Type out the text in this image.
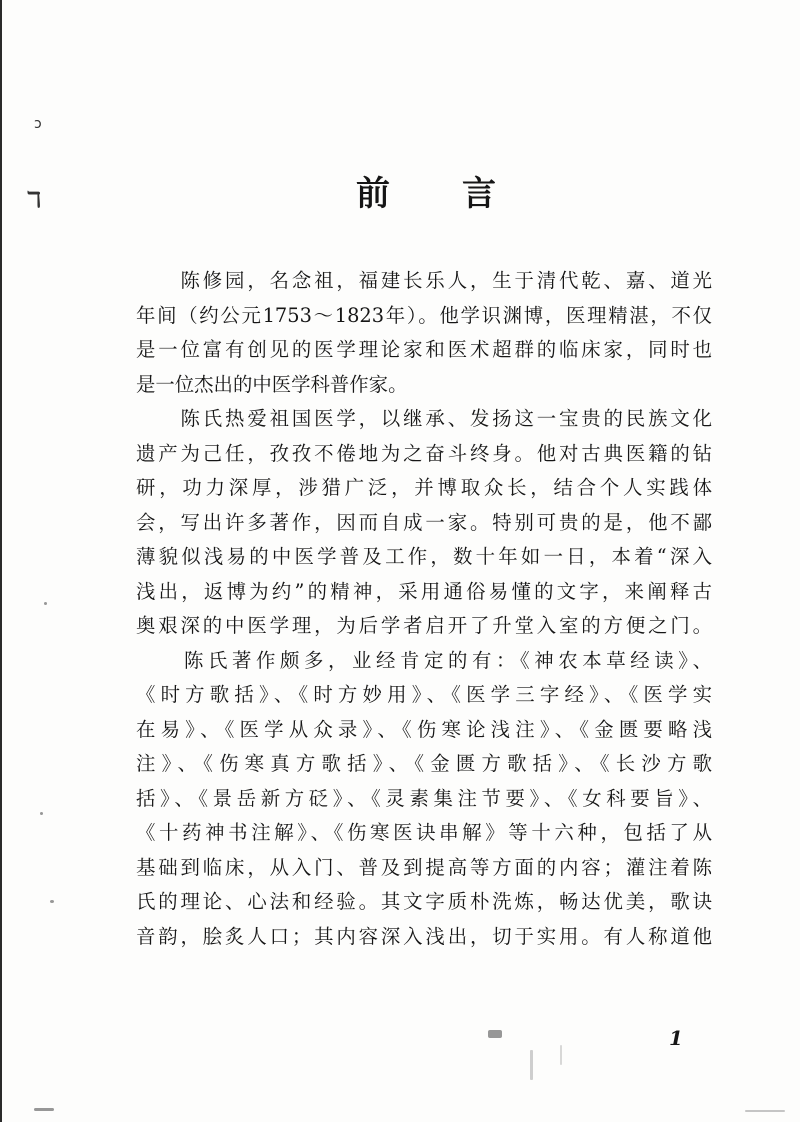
ɔ
ℸ	前 言
　　陈修园，名念祖，福建长乐人，生于清代乾、嘉、道光
年间（约公元1753～1823年）。他学识渊博，医理精湛，不仅
是一位富有创见的医学理论家和医术超群的临床家，同时也
是一位杰出的中医学科普作家。
　　陈氏热爱祖国医学，以继承、发扬这一宝贵的民族文化
遗产为己任，孜孜不倦地为之奋斗终身。他对古典医籍的钻
研，功力深厚，涉猎广泛，并博取众长，结合个人实践体
会，写出许多著作，因而自成一家。特别可贵的是，他不鄙
薄貌似浅易的中医学普及工作，数十年如一日，本着“深入
浅出，返博为约”的精神，采用通俗易懂的文字，来阐释古
奥艰深的中医学理，为后学者启开了升堂入室的方便之门。
　　陈氏著作颇多，业经肯定的有：《神农本草经读》、
《时方歌括》、《时方妙用》、《医学三字经》、《医学实
在易》、《医学从众录》、《伤寒论浅注》、《金匮要略浅
注》、《伤寒真方歌括》、《金匮方歌括》、《长沙方歌
括》、《景岳新方砭》、《灵素集注节要》、《女科要旨》、
《十药神书注解》、《伤寒医诀串解》等十六种，包括了从
基础到临床，从入门、普及到提高等方面的内容；灌注着陈
氏的理论、心法和经验。其文字质朴洗炼，畅达优美，歌诀
音韵，脍炙人口；其内容深入浅出，切于实用。有人称道他
1
